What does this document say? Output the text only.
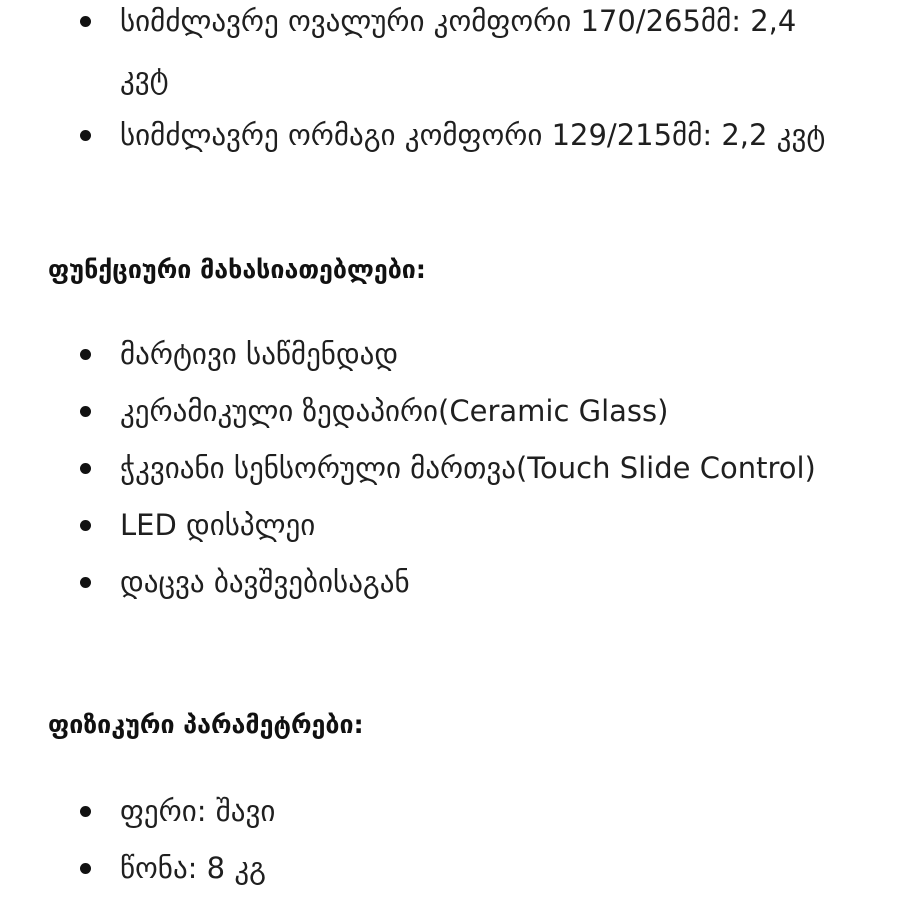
სიმძლავრე ოვალური კომფორი 170/265მმ: 2,4 კვტ
სიმძლავრე ორმაგი კომფორი 129/215მმ: 2,2 კვტ
ფუნქციური მახასიათებლები:
მარტივი საწმენდად
კერამიკული ზედაპირი(Ceramic Glass)
ჭკვიანი სენსორული მართვა(Touch Slide Control)
LED დისპლეი
დაცვა ბავშვებისაგან
ფიზიკური პარამეტრები:
ფერი: შავი
წონა: 8 კგ
